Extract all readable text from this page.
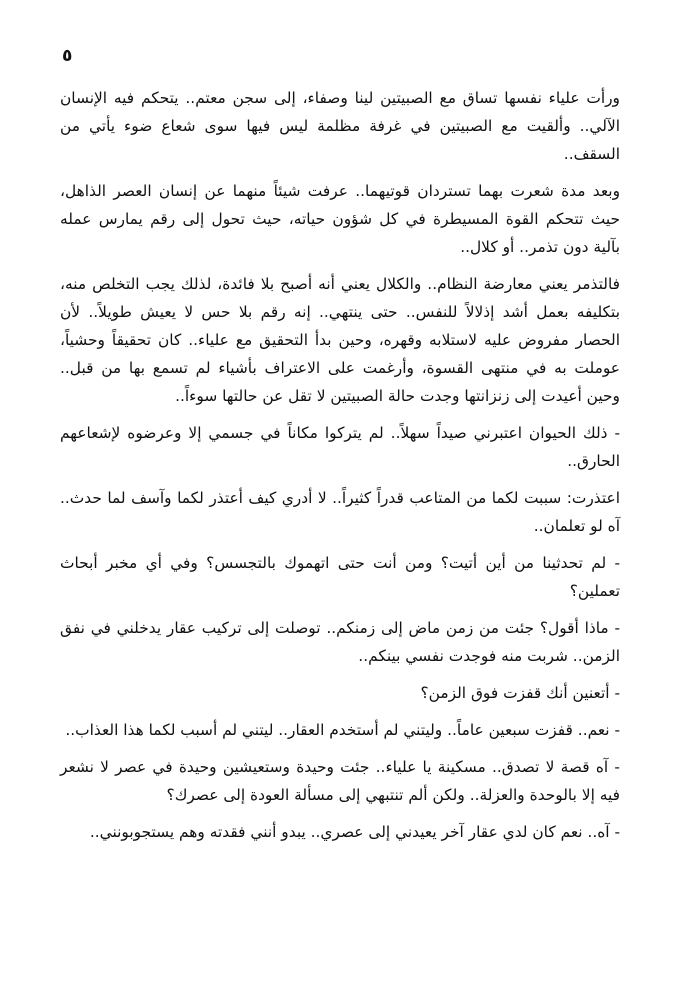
٥

ورأت علياء نفسها تساق مع الصبيتين لينا وصفاء، إلى سجن معتم.. يتحكم فيه الإنسان الآلي.. وألقيت مع الصبيتين في غرفة مظلمة ليس فيها سوى شعاع ضوء يأتي من السقف..

وبعد مدة شعرت بهما تستردان قوتيهما.. عرفت شيئاً منهما عن إنسان العصر الذاهل، حيث تتحكم القوة المسيطرة في كل شؤون حياته، حيث تحول إلى رقم يمارس عمله بآلية دون تذمر.. أو كلال..

فالتذمر يعني معارضة النظام.. والكلال يعني أنه أصبح بلا فائدة، لذلك يجب التخلص منه، بتكليفه بعمل أشد إذلالاً للنفس.. حتى ينتهي.. إنه رقم بلا حس لا يعيش طويلاً.. لأن الحصار مفروض عليه لاستلابه وقهره، وحين بدأ التحقيق مع علياء.. كان تحقيقاً وحشياً، عوملت به في منتهى القسوة، وأرغمت على الاعتراف بأشياء لم تسمع بها من قبل.. وحين أعيدت إلى زنزانتها وجدت حالة الصبيتين لا تقل عن حالتها سوءاً..

- ذلك الحيوان اعتبرني صيداً سهلاً.. لم يتركوا مكاناً في جسمي إلا وعرضوه لإشعاعهم الحارق..

اعتذرت: سببت لكما من المتاعب قدراً كثيراً.. لا أدري كيف أعتذر لكما وآسف لما حدث.. آه لو تعلمان..

- لم تحدثينا من أين أتيت؟ ومن أنت حتى اتهموك بالتجسس؟ وفي أي مخبر أبحاث تعملين؟

- ماذا أقول؟ جئت من زمن ماض إلى زمنكم.. توصلت إلى تركيب عقار يدخلني في نفق الزمن.. شربت منه فوجدت نفسي بينكم..

- أتعنين أنك قفزت فوق الزمن؟

- نعم.. قفزت سبعين عاماً.. وليتني لم أستخدم العقار.. ليتني لم أسبب لكما هذا العذاب..

- آه قصة لا تصدق.. مسكينة يا علياء.. جئت وحيدة وستعيشين وحيدة في عصر لا نشعر فيه إلا بالوحدة والعزلة.. ولكن ألم تنتبهي إلى مسألة العودة إلى عصرك؟

- آه.. نعم كان لدي عقار آخر يعيدني إلى عصري.. يبدو أنني فقدته وهم يستجوبونني..
